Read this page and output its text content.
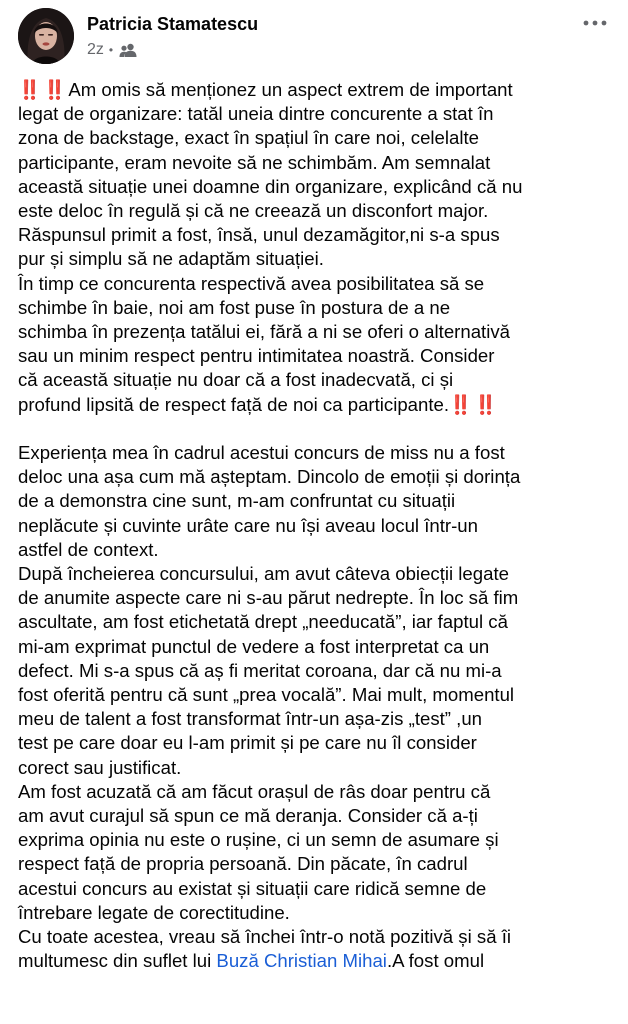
Patricia Stamatescu
2z •
‼️ ‼️ Am omis să menționez un aspect extrem de important
legat de organizare: tatăl uneia dintre concurente a stat în
zona de backstage, exact în spațiul în care noi, celelalte
participante, eram nevoite să ne schimbăm. Am semnalat
această situație unei doamne din organizare, explicând că nu
este deloc în regulă și că ne creează un disconfort major.
Răspunsul primit a fost, însă, unul dezamăgitor,ni s-a spus
pur și simplu să ne adaptăm situației.
În timp ce concurenta respectivă avea posibilitatea să se
schimbe în baie, noi am fost puse în postura de a ne
schimba în prezența tatălui ei, fără a ni se oferi o alternativă
sau un minim respect pentru intimitatea noastră. Consider
că această situație nu doar că a fost inadecvată, ci și
profund lipsită de respect față de noi ca participante.‼️ ‼️
Experiența mea în cadrul acestui concurs de miss nu a fost
deloc una așa cum mă așteptam. Dincolo de emoții și dorința
de a demonstra cine sunt, m-am confruntat cu situații
neplăcute și cuvinte urâte care nu își aveau locul într-un
astfel de context.
După încheierea concursului, am avut câteva obiecții legate
de anumite aspecte care ni s-au părut nedrepte. În loc să fim
ascultate, am fost etichetată drept „needucată”, iar faptul că
mi-am exprimat punctul de vedere a fost interpretat ca un
defect. Mi s-a spus că aș fi meritat coroana, dar că nu mi-a
fost oferită pentru că sunt „prea vocală”. Mai mult, momentul
meu de talent a fost transformat într-un așa-zis „test” ,un
test pe care doar eu l-am primit și pe care nu îl consider
corect sau justificat.
Am fost acuzată că am făcut orașul de râs doar pentru că
am avut curajul să spun ce mă deranja. Consider că a-ți
exprima opinia nu este o rușine, ci un semn de asumare și
respect față de propria persoană. Din păcate, în cadrul
acestui concurs au existat și situații care ridică semne de
întrebare legate de corectitudine.
Cu toate acestea, vreau să închei într-o notă pozitivă și să îi
multumesc din suflet lui Buză Christian Mihai.A fost omul
